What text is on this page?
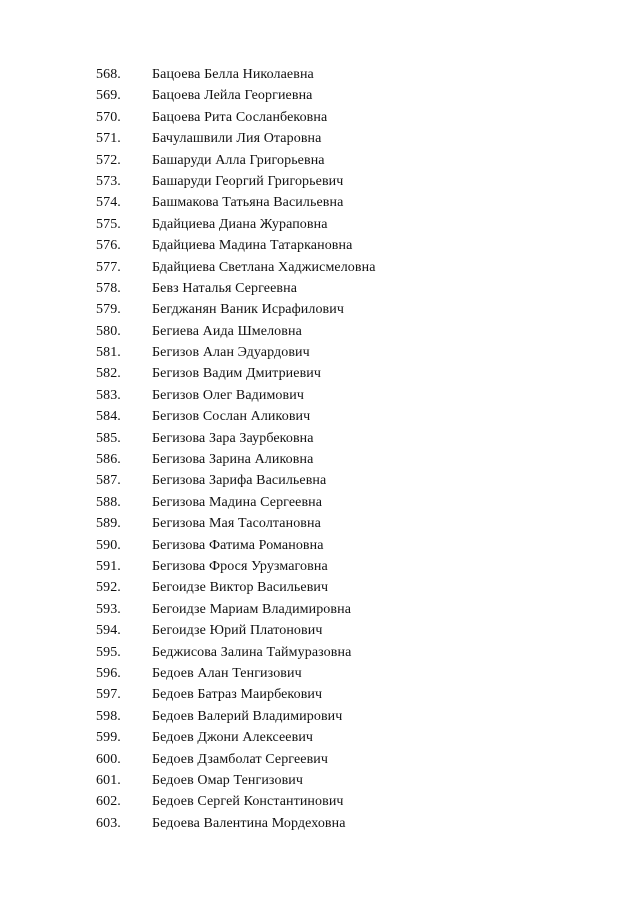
568.	Бацоева Белла Николаевна
569.	Бацоева Лейла Георгиевна
570.	Бацоева Рита Сосланбековна
571.	Бачулашвили Лия Отаровна
572.	Башаруди Алла Григорьевна
573.	Башаруди Георгий Григорьевич
574.	Башмакова Татьяна Васильевна
575.	Бдайциева Диана Жураповна
576.	Бдайциева Мадина Татаркановна
577.	Бдайциева Светлана Хаджисмеловна
578.	Бевз Наталья Сергеевна
579.	Бегджанян Ваник Исрафилович
580.	Бегиева Аида Шмеловна
581.	Бегизов Алан Эдуардович
582.	Бегизов Вадим Дмитриевич
583.	Бегизов Олег Вадимович
584.	Бегизов Сослан Аликович
585.	Бегизова Зара Заурбековна
586.	Бегизова Зарина Аликовна
587.	Бегизова Зарифа Васильевна
588.	Бегизова Мадина Сергеевна
589.	Бегизова Мая Тасолтановна
590.	Бегизова Фатима Романовна
591.	Бегизова Фрося Урузмаговна
592.	Бегоидзе Виктор Васильевич
593.	Бегоидзе Мариам Владимировна
594.	Бегоидзе Юрий Платонович
595.	Беджисова Залина Таймуразовна
596.	Бедоев Алан Тенгизович
597.	Бедоев Батраз Маирбекович
598.	Бедоев Валерий Владимирович
599.	Бедоев Джони Алексеевич
600.	Бедоев Дзамболат Сергеевич
601.	Бедоев Омар Тенгизович
602.	Бедоев Сергей Константинович
603.	Бедоева Валентина Мордеховна
